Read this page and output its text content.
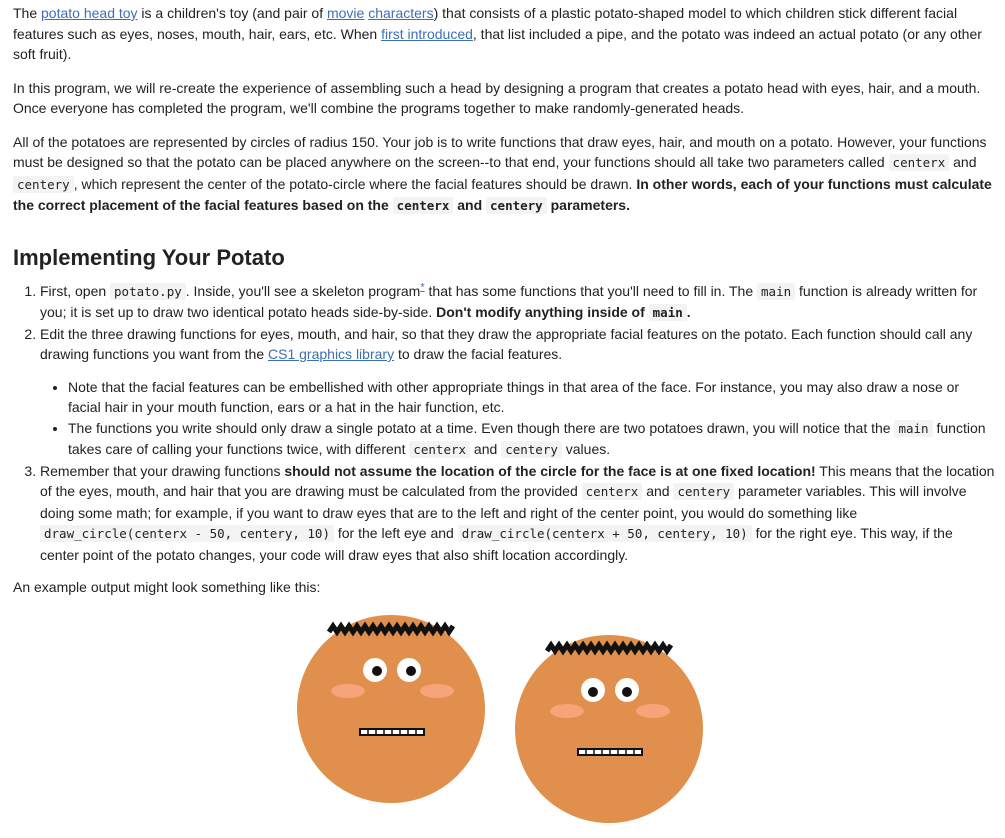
The potato head toy is a children's toy (and pair of movie characters) that consists of a plastic potato-shaped model to which children stick different facial features such as eyes, noses, mouth, hair, ears, etc. When first introduced, that list included a pipe, and the potato was indeed an actual potato (or any other soft fruit).

In this program, we will re-create the experience of assembling such a head by designing a program that creates a potato head with eyes, hair, and a mouth. Once everyone has completed the program, we'll combine the programs together to make randomly-generated heads.

All of the potatoes are represented by circles of radius 150. Your job is to write functions that draw eyes, hair, and mouth on a potato. However, your functions must be designed so that the potato can be placed anywhere on the screen--to that end, your functions should all take two parameters called centerx and centery , which represent the center of the potato-circle where the facial features should be drawn. In other words, each of your functions must calculate the correct placement of the facial features based on the centerx and centery parameters.

Implementing Your Potato
1. First, open potato.py . Inside, you'll see a skeleton program* that has some functions that you'll need to fill in. The main function is already written for you; it is set up to draw two identical potato heads side-by-side. Don't modify anything inside of main .
2. Edit the three drawing functions for eyes, mouth, and hair, so that they draw the appropriate facial features on the potato. Each function should call any drawing functions you want from the CS1 graphics library to draw the facial features.
• Note that the facial features can be embellished with other appropriate things in that area of the face. For instance, you may also draw a nose or facial hair in your mouth function, ears or a hat in the hair function, etc.
• The functions you write should only draw a single potato at a time. Even though there are two potatoes drawn, you will notice that the main function takes care of calling your functions twice, with different centerx and centery values.
3. Remember that your drawing functions should not assume the location of the circle for the face is at one fixed location! This means that the location of the eyes, mouth, and hair that you are drawing must be calculated from the provided centerx and centery parameter variables. This will involve doing some math; for example, if you want to draw eyes that are to the left and right of the center point, you would do something like draw_circle(centerx - 50, centery, 10) for the left eye and draw_circle(centerx + 50, centery, 10) for the right eye. This way, if the center point of the potato changes, your code will draw eyes that also shift location accordingly.

An example output might look something like this:
